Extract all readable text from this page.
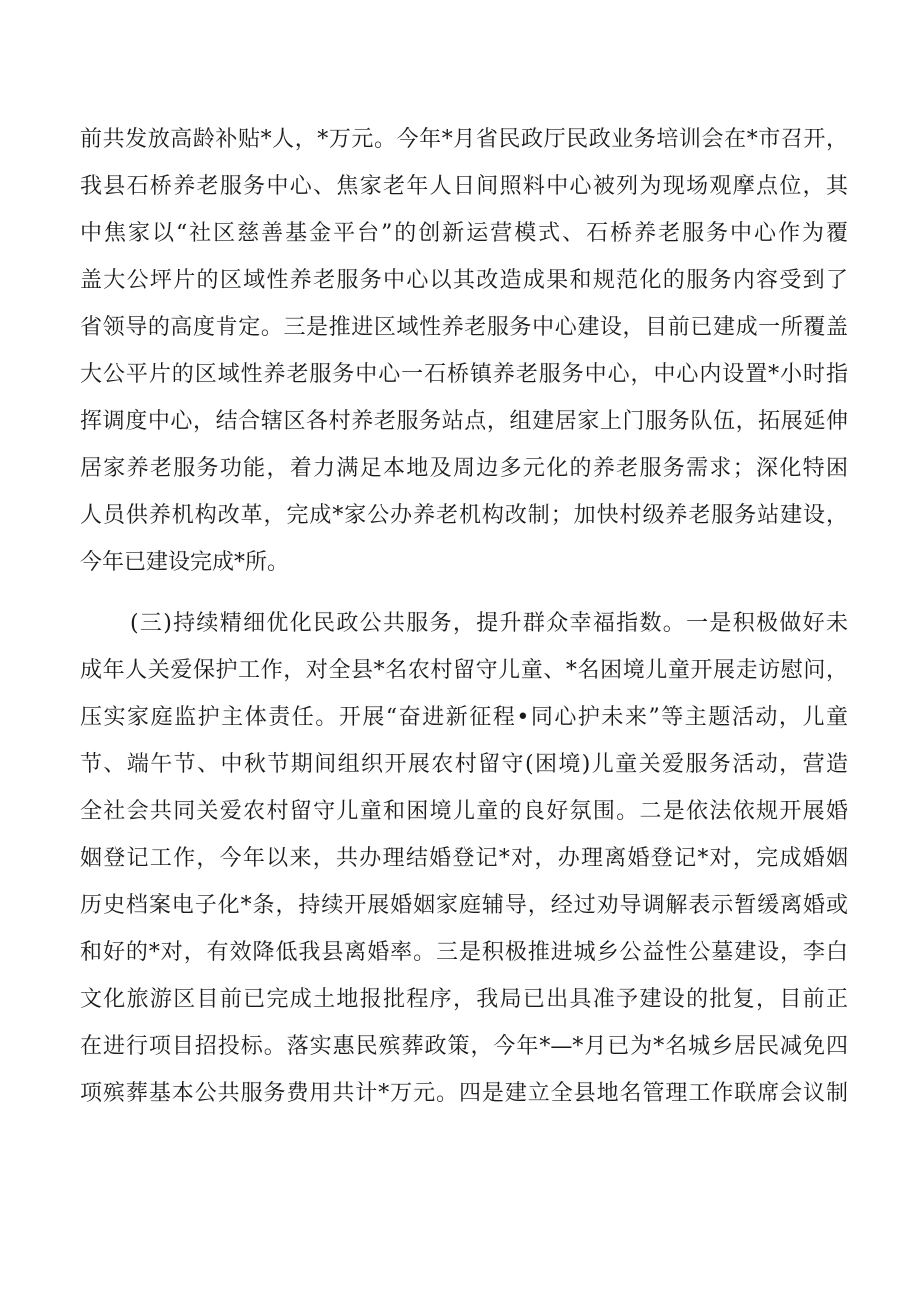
前共发放高龄补贴*人，*万元。今年*月省民政厅民政业务培训会在*市召开，
我县石桥养老服务中心、焦家老年人日间照料中心被列为现场观摩点位，其
中焦家以“社区慈善基金平台”的创新运营模式、石桥养老服务中心作为覆
盖大公坪片的区域性养老服务中心以其改造成果和规范化的服务内容受到了
省领导的高度肯定。三是推进区域性养老服务中心建设，目前已建成一所覆盖
大公平片的区域性养老服务中心一石桥镇养老服务中心，中心内设置*小时指
挥调度中心，结合辖区各村养老服务站点，组建居家上门服务队伍，拓展延伸
居家养老服务功能，着力满足本地及周边多元化的养老服务需求；深化特困
人员供养机构改革，完成*家公办养老机构改制；加快村级养老服务站建设，
今年已建设完成*所。
(三)持续精细优化民政公共服务，提升群众幸福指数。一是积极做好未
成年人关爱保护工作，对全县*名农村留守儿童、*名困境儿童开展走访慰问，
压实家庭监护主体责任。开展“奋进新征程•同心护未来”等主题活动，儿童
节、端午节、中秋节期间组织开展农村留守(困境)儿童关爱服务活动，营造
全社会共同关爱农村留守儿童和困境儿童的良好氛围。二是依法依规开展婚
姻登记工作，今年以来，共办理结婚登记*对，办理离婚登记*对，完成婚姻
历史档案电子化*条，持续开展婚姻家庭辅导，经过劝导调解表示暂缓离婚或
和好的*对，有效降低我县离婚率。三是积极推进城乡公益性公墓建设，李白
文化旅游区目前已完成土地报批程序，我局已出具准予建设的批复，目前正
在进行项目招投标。落实惠民殡葬政策，今年*—*月已为*名城乡居民减免四
项殡葬基本公共服务费用共计*万元。四是建立全县地名管理工作联席会议制
